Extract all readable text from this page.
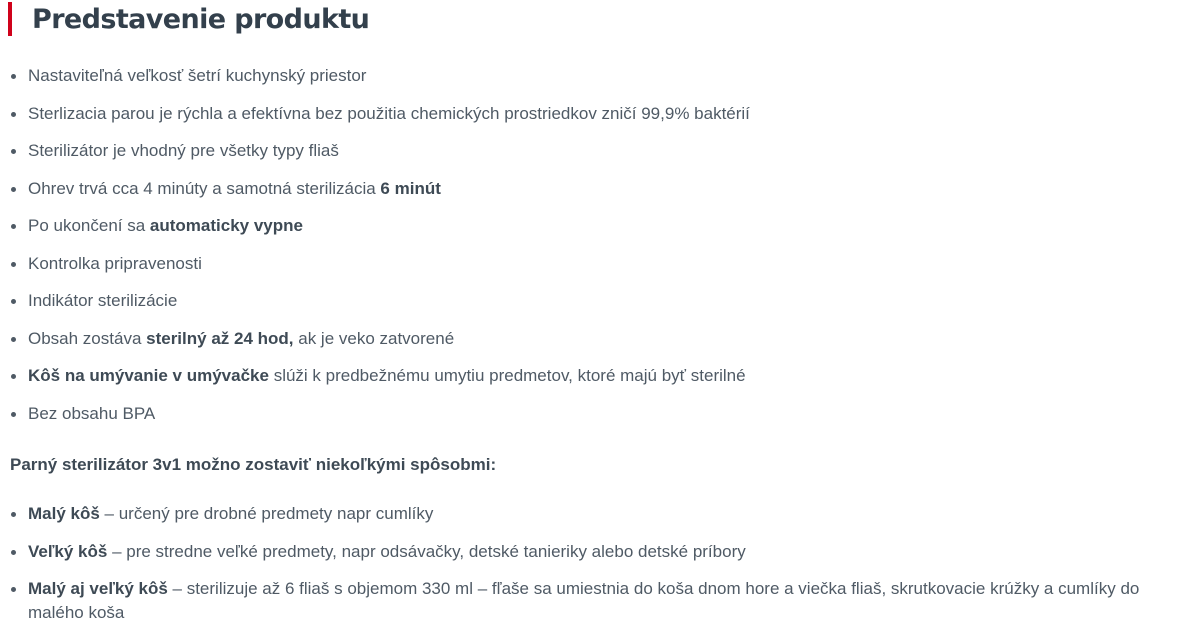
Predstavenie produktu
Nastaviteľná veľkosť šetrí kuchynský priestor
Sterlizacia parou je rýchla a efektívna bez použitia chemických prostriedkov zničí 99,9% baktérií
Sterilizátor je vhodný pre všetky typy fliaš
Ohrev trvá cca 4 minúty a samotná sterilizácia 6 minút
Po ukončení sa automaticky vypne
Kontrolka pripravenosti
Indikátor sterilizácie
Obsah zostáva sterilný až 24 hod, ak je veko zatvorené
Kôš na umývanie v umývačke slúži k predbežnému umytiu predmetov, ktoré majú byť sterilné
Bez obsahu BPA
Parný sterilizátor 3v1 možno zostaviť niekoľkými spôsobmi:
Malý kôš – určený pre drobné predmety napr cumlíky
Veľký kôš – pre stredne veľké predmety, napr odsávačky, detské tanieriky alebo detské príbory
Malý aj veľký kôš – sterilizuje až 6 fliaš s objemom 330 ml – fľaše sa umiestnia do koša dnom hore a viečka fliaš, skrutkovacie krúžky a cumlíky do malého koša
